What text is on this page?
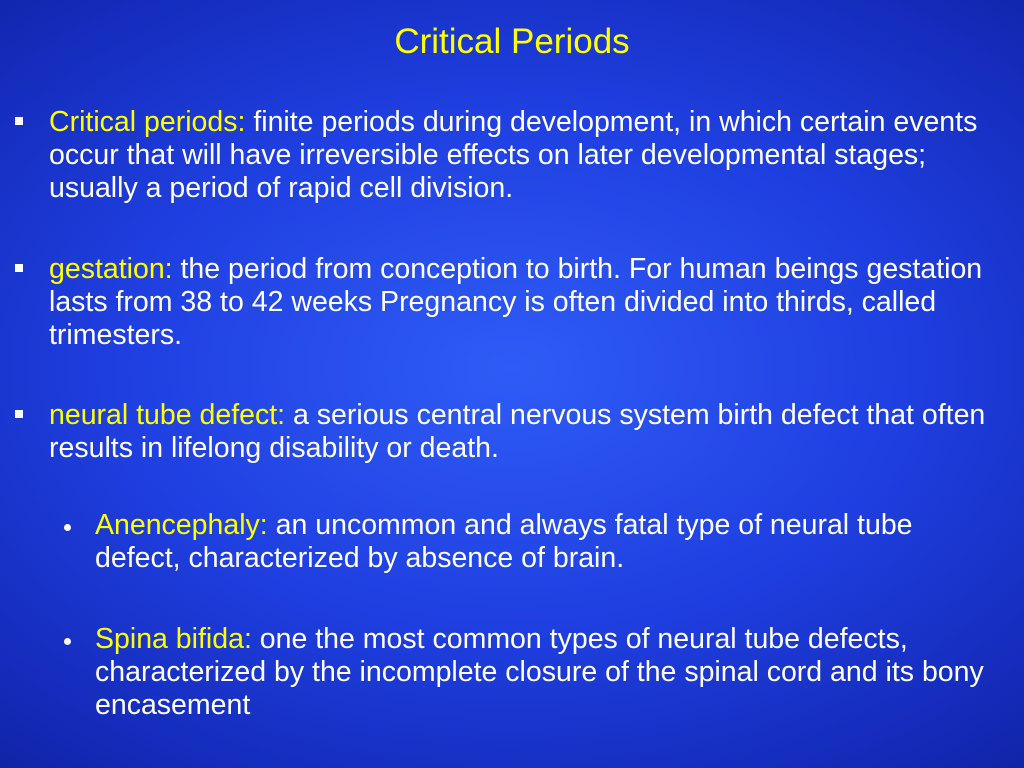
Critical Periods
Critical periods: finite periods during development, in which certain events occur that will have irreversible effects on later developmental stages; usually a period of rapid cell division.
gestation: the period from conception to birth. For human beings gestation lasts from 38 to 42 weeks Pregnancy is often divided into thirds, called trimesters.
neural tube defect: a serious central nervous system birth defect that often results in lifelong disability or death.
Anencephaly: an uncommon and always fatal type of neural tube defect, characterized by absence of brain.
Spina bifida: one the most common types of neural tube defects, characterized by the incomplete closure of the spinal cord and its bony encasement
